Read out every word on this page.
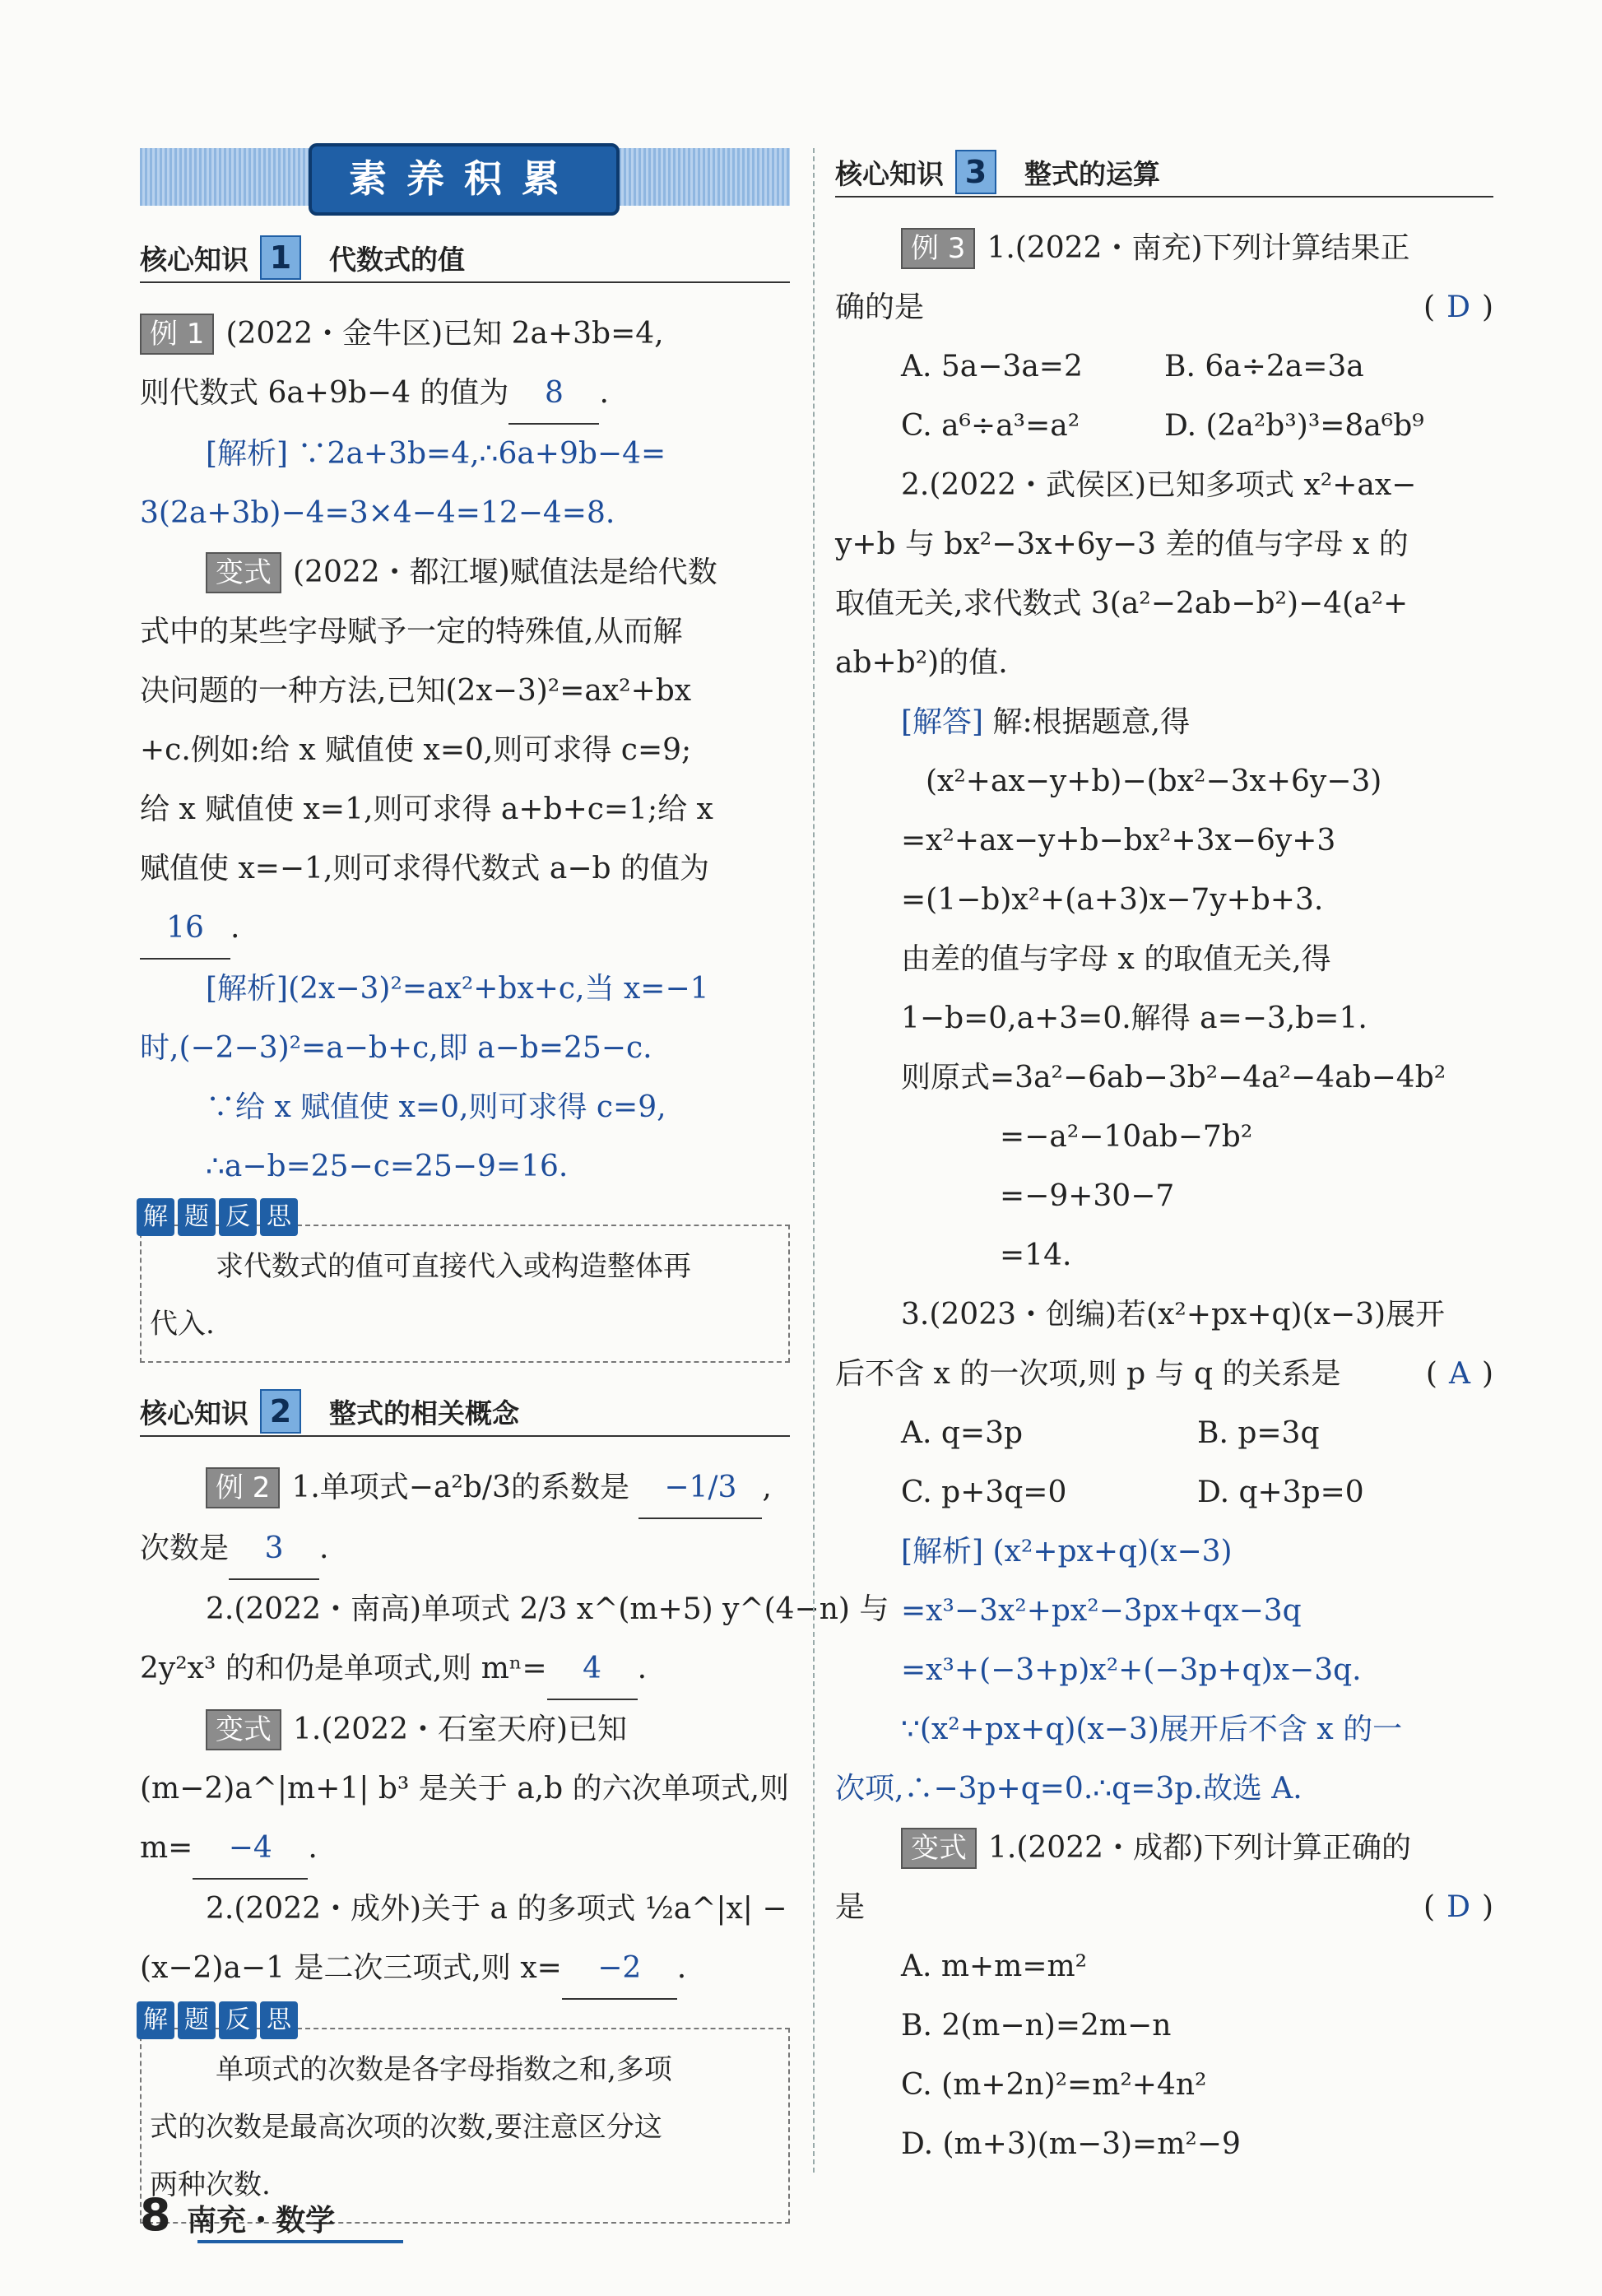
素养积累
核心知识 1	代数式的值
例 1 (2022・金牛区)已知 2a+3b=4,
则代数式 6a+9b−4 的值为 8 .
[解析] ∵2a+3b=4,∴6a+9b−4=
3(2a+3b)−4=3×4−4=12−4=8.
变式 (2022・都江堰)赋值法是给代数
式中的某些字母赋予一定的特殊值,从而解
决问题的一种方法,已知(2x−3)²=ax²+bx
+c.例如:给 x 赋值使 x=0,则可求得 c=9;
给 x 赋值使 x=1,则可求得 a+b+c=1;给 x
赋值使 x=−1,则可求得代数式 a−b 的值为
16 .
[解析](2x−3)²=ax²+bx+c,当 x=−1
时,(−2−3)²=a−b+c,即 a−b=25−c.
∵给 x 赋值使 x=0,则可求得 c=9,
∴a−b=25−c=25−9=16.
解 题 反 思
求代数式的值可直接代入或构造整体再
代入.
核心知识 2	整式的相关概念
例 2 1.单项式−a²b/3的系数是 −1/3 ,
次数是 3 .
2.(2022・南高)单项式 2/3 x^(m+5) y^(4−n) 与
2y²x³ 的和仍是单项式,则 mⁿ= 4 .
变式 1.(2022・石室天府)已知
(m−2)a^|m+1| b³ 是关于 a,b 的六次单项式,则
m= −4 .
2.(2022・成外)关于 a 的多项式 ½a^|x| −
(x−2)a−1 是二次三项式,则 x= −2 .
解 题 反 思
单项式的次数是各字母指数之和,多项
式的次数是最高次项的次数,要注意区分这
两种次数.
核心知识 3	整式的运算
例 3 1.(2022・南充)下列计算结果正
确的是	( D )
A. 5a−3a=2	B. 6a÷2a=3a
C. a⁶÷a³=a²	D. (2a²b³)³=8a⁶b⁹
2.(2022・武侯区)已知多项式 x²+ax−
y+b 与 bx²−3x+6y−3 差的值与字母 x 的
取值无关,求代数式 3(a²−2ab−b²)−4(a²+
ab+b²)的值.
[解答] 解:根据题意,得
(x²+ax−y+b)−(bx²−3x+6y−3)
=x²+ax−y+b−bx²+3x−6y+3
=(1−b)x²+(a+3)x−7y+b+3.
由差的值与字母 x 的取值无关,得
1−b=0,a+3=0.解得 a=−3,b=1.
则原式=3a²−6ab−3b²−4a²−4ab−4b²
=−a²−10ab−7b²
=−9+30−7
=14.
3.(2023・创编)若(x²+px+q)(x−3)展开
后不含 x 的一次项,则 p 与 q 的关系是	( A )
A. q=3p	B. p=3q
C. p+3q=0	D. q+3p=0
[解析] (x²+px+q)(x−3)
=x³−3x²+px²−3px+qx−3q
=x³+(−3+p)x²+(−3p+q)x−3q.
∵(x²+px+q)(x−3)展开后不含 x 的一
次项,∴−3p+q=0.∴q=3p.故选 A.
变式 1.(2022・成都)下列计算正确的
是	( D )
A. m+m=m²
B. 2(m−n)=2m−n
C. (m+2n)²=m²+4n²
D. (m+3)(m−3)=m²−9
8 南充・数学
